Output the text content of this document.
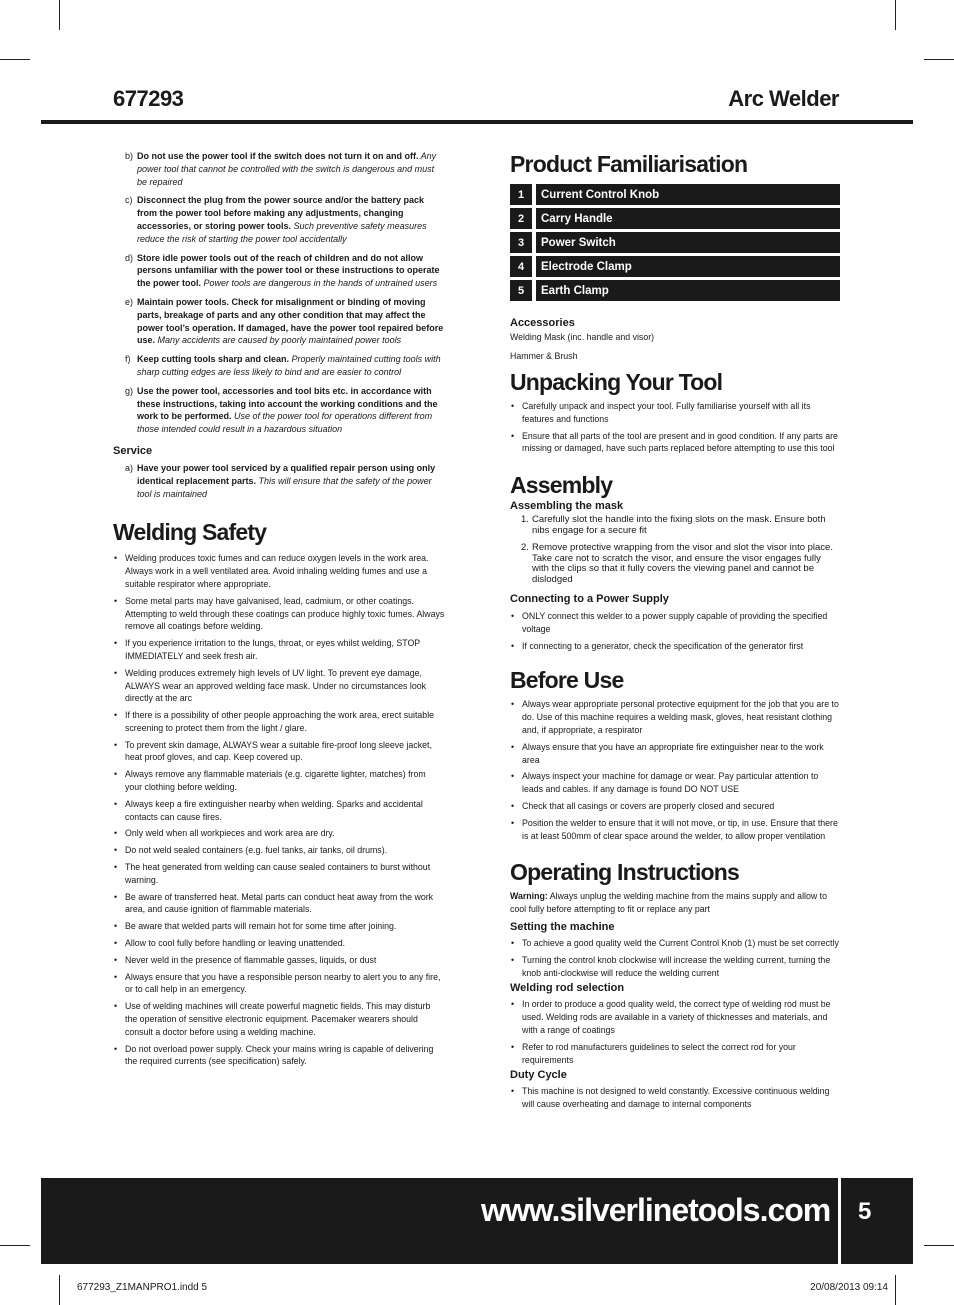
677293	Arc Welder
b) Do not use the power tool if the switch does not turn it on and off. Any power tool that cannot be controlled with the switch is dangerous and must be repaired
c) Disconnect the plug from the power source and/or the battery pack from the power tool before making any adjustments, changing accessories, or storing power tools. Such preventive safety measures reduce the risk of starting the power tool accidentally
d) Store idle power tools out of the reach of children and do not allow persons unfamiliar with the power tool or these instructions to operate the power tool. Power tools are dangerous in the hands of untrained users
e) Maintain power tools. Check for misalignment or binding of moving parts, breakage of parts and any other condition that may affect the power tool’s operation. If damaged, have the power tool repaired before use. Many accidents are caused by poorly maintained power tools
f) Keep cutting tools sharp and clean. Properly maintained cutting tools with sharp cutting edges are less likely to bind and are easier to control
g) Use the power tool, accessories and tool bits etc. in accordance with these instructions, taking into account the working conditions and the work to be performed. Use of the power tool for operations different from those intended could result in a hazardous situation
Service
a) Have your power tool serviced by a qualified repair person using only identical replacement parts. This will ensure that the safety of the power tool is maintained
Welding Safety
• Welding produces toxic fumes and can reduce oxygen levels in the work area. Always work in a well ventilated area. Avoid inhaling welding fumes and use a suitable respirator where appropriate.
• Some metal parts may have galvanised, lead, cadmium, or other coatings. Attempting to weld through these coatings can produce highly toxic fumes. Always remove all coatings before welding.
• If you experience irritation to the lungs, throat, or eyes whilst welding, STOP IMMEDIATELY and seek fresh air.
• Welding produces extremely high levels of UV light. To prevent eye damage, ALWAYS wear an approved welding face mask. Under no circumstances look directly at the arc
• If there is a possibility of other people approaching the work area, erect suitable screening to protect them from the light / glare.
• To prevent skin damage, ALWAYS wear a suitable fire-proof long sleeve jacket, heat proof gloves, and cap. Keep covered up.
• Always remove any flammable materials (e.g. cigarette lighter, matches) from your clothing before welding.
• Always keep a fire extinguisher nearby when welding. Sparks and accidental contacts can cause fires.
• Only weld when all workpieces and work area are dry.
• Do not weld sealed containers (e.g. fuel tanks, air tanks, oil drums).
• The heat generated from welding can cause sealed containers to burst without warning.
• Be aware of transferred heat. Metal parts can conduct heat away from the work area, and cause ignition of flammable materials.
• Be aware that welded parts will remain hot for some time after joining.
• Allow to cool fully before handling or leaving unattended.
• Never weld in the presence of flammable gasses, liquids, or dust
• Always ensure that you have a responsible person nearby to alert you to any fire, or to call help in an emergency.
• Use of welding machines will create powerful magnetic fields. This may disturb the operation of sensitive electronic equipment. Pacemaker wearers should consult a doctor before using a welding machine.
• Do not overload power supply. Check your mains wiring is capable of delivering the required currents (see specification) safely.
Product Familiarisation
1	Current Control Knob
2	Carry Handle
3	Power Switch
4	Electrode Clamp
5	Earth Clamp
Accessories
Welding Mask (inc. handle and visor)
Hammer & Brush
Unpacking Your Tool
• Carefully unpack and inspect your tool. Fully familiarise yourself with all its features and functions
• Ensure that all parts of the tool are present and in good condition. If any parts are missing or damaged, have such parts replaced before attempting to use this tool
Assembly
Assembling the mask
1. Carefully slot the handle into the fixing slots on the mask. Ensure both nibs engage for a secure fit
2. Remove protective wrapping from the visor and slot the visor into place. Take care not to scratch the visor, and ensure the visor engages fully with the clips so that it fully covers the viewing panel and cannot be dislodged
Connecting to a Power Supply
• ONLY connect this welder to a power supply capable of providing the specified voltage
• If connecting to a generator, check the specification of the generator first
Before Use
• Always wear appropriate personal protective equipment for the job that you are to do. Use of this machine requires a welding mask, gloves, heat resistant clothing and, if appropriate, a respirator
• Always ensure that you have an appropriate fire extinguisher near to the work area
• Always inspect your machine for damage or wear. Pay particular attention to leads and cables. If any damage is found DO NOT USE
• Check that all casings or covers are properly closed and secured
• Position the welder to ensure that it will not move, or tip, in use. Ensure that there is at least 500mm of clear space around the welder, to allow proper ventilation
Operating Instructions
Warning: Always unplug the welding machine from the mains supply and allow to cool fully before attempting to fit or replace any part
Setting the machine
• To achieve a good quality weld the Current Control Knob (1) must be set correctly
• Turning the control knob clockwise will increase the welding current, turning the knob anti-clockwise will reduce the welding current
Welding rod selection
• In order to produce a good quality weld, the correct type of welding rod must be used. Welding rods are available in a variety of thicknesses and materials, and with a range of coatings
• Refer to rod manufacturers guidelines to select the correct rod for your requirements
Duty Cycle
• This machine is not designed to weld constantly. Excessive continuous welding will cause overheating and damage to internal components
www.silverlinetools.com 5
677293_Z1MANPRO1.indd 5	20/08/2013 09:14
